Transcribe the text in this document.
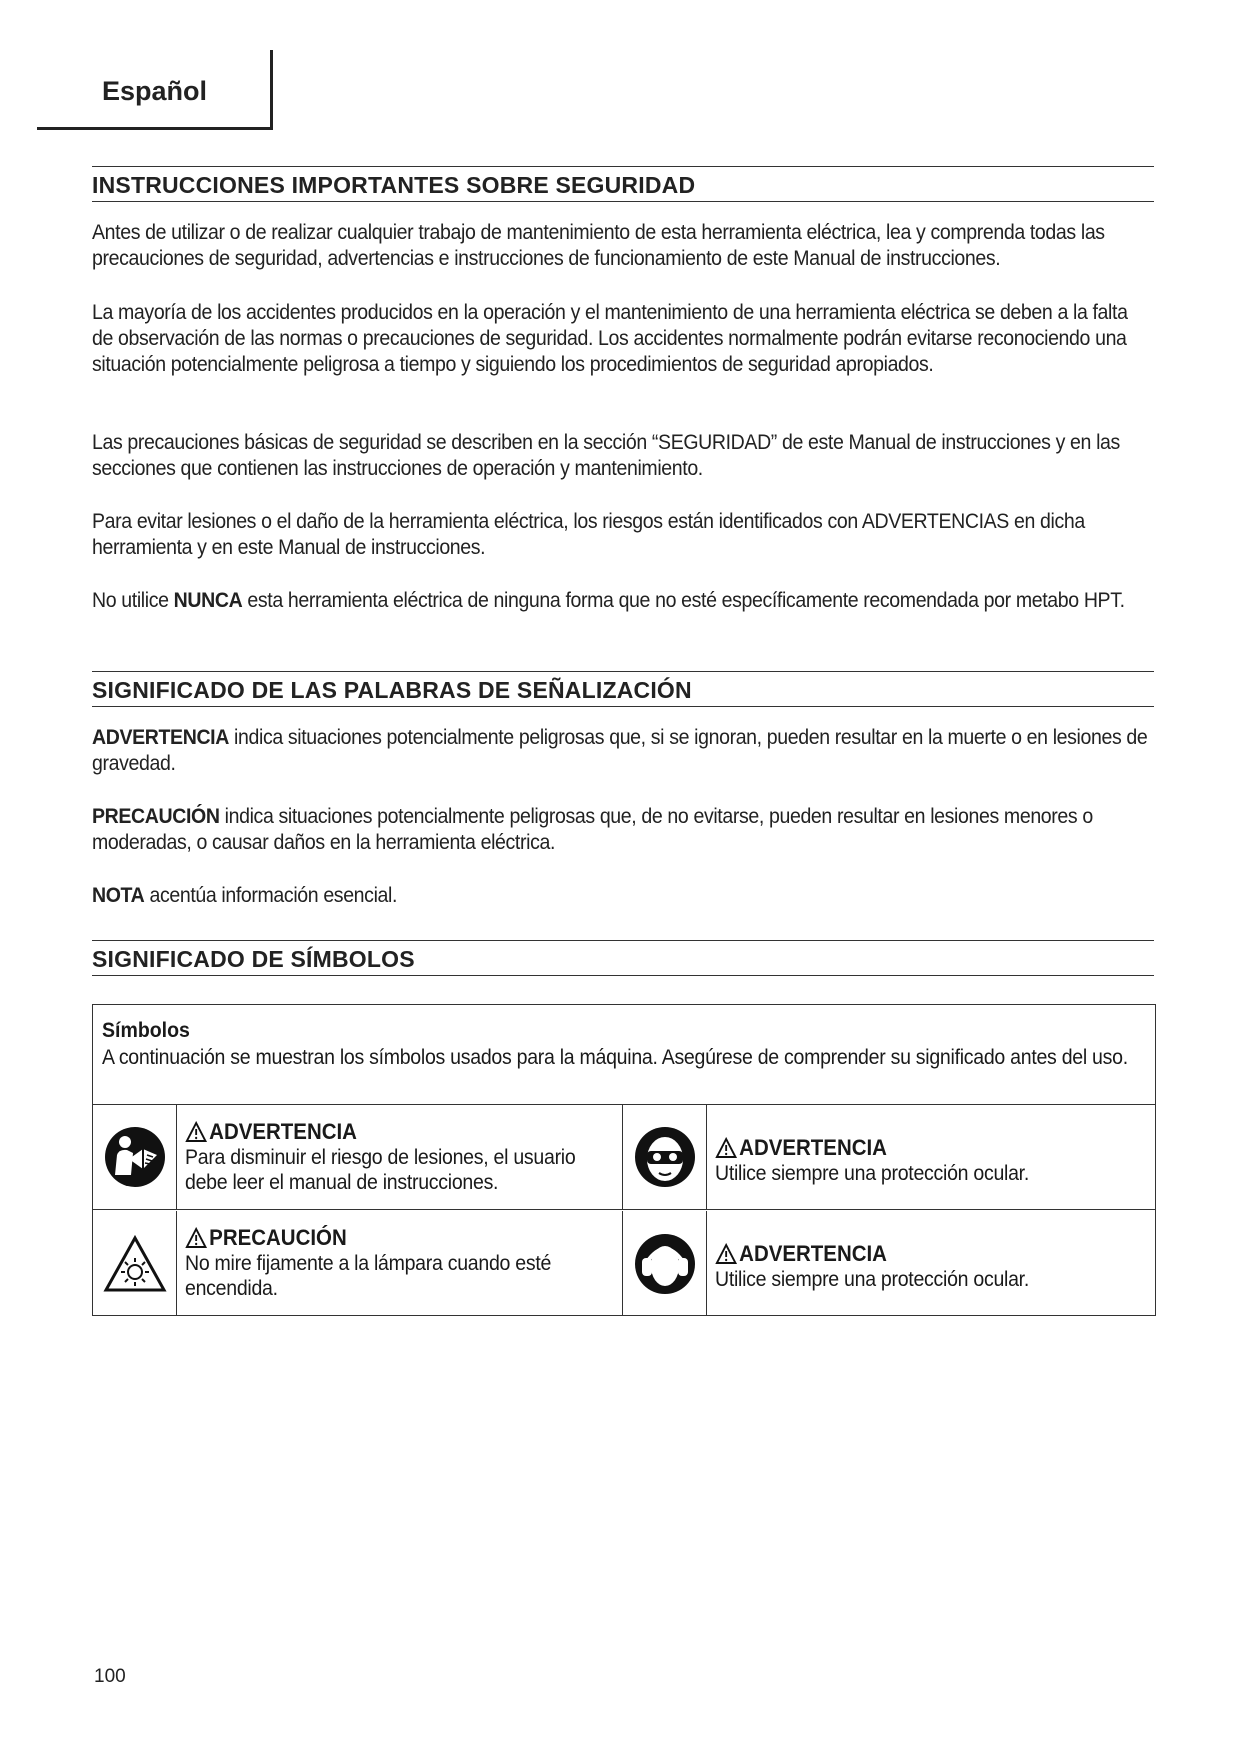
Español
INSTRUCCIONES IMPORTANTES SOBRE SEGURIDAD

Antes de utilizar o de realizar cualquier trabajo de mantenimiento de esta herramienta eléctrica, lea y comprenda todas las precauciones de seguridad, advertencias e instrucciones de funcionamiento de este Manual de instrucciones.

La mayoría de los accidentes producidos en la operación y el mantenimiento de una herramienta eléctrica se deben a la falta de observación de las normas o precauciones de seguridad. Los accidentes normalmente podrán evitarse reconociendo una situación potencialmente peligrosa a tiempo y siguiendo los procedimientos de seguridad apropiados.

Las precauciones básicas de seguridad se describen en la sección “SEGURIDAD” de este Manual de instrucciones y en las secciones que contienen las instrucciones de operación y mantenimiento.

Para evitar lesiones o el daño de la herramienta eléctrica, los riesgos están identificados con ADVERTENCIAS en dicha herramienta y en este Manual de instrucciones.

No utilice NUNCA esta herramienta eléctrica de ninguna forma que no esté específicamente recomendada por metabo HPT.

SIGNIFICADO DE LAS PALABRAS DE SEÑALIZACIÓN

ADVERTENCIA indica situaciones potencialmente peligrosas que, si se ignoran, pueden resultar en la muerte o en lesiones de gravedad.

PRECAUCIÓN indica situaciones potencialmente peligrosas que, de no evitarse, pueden resultar en lesiones menores o moderadas, o causar daños en la herramienta eléctrica.

NOTA acentúa información esencial.

SIGNIFICADO DE SÍMBOLOS
Símbolos
A continuación se muestran los símbolos usados para la máquina. Asegúrese de comprender su significado antes del uso.
ADVERTENCIA
Para disminuir el riesgo de lesiones, el usuario debe leer el manual de instrucciones.
ADVERTENCIA
Utilice siempre una protección ocular.
PRECAUCIÓN
No mire fijamente a la lámpara cuando esté encendida.
ADVERTENCIA
Utilice siempre una protección ocular.
100
